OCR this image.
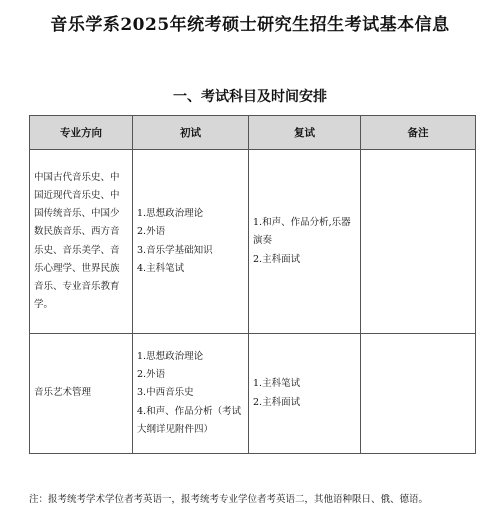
音乐学系2025年统考硕士研究生招生考试基本信息
一、考试科目及时间安排
专业方向	初试	复试	备注
中国古代音乐史、中国近现代音乐史、中国传统音乐、中国少数民族音乐、西方音乐史、音乐美学、音乐心理学、世界民族音乐、专业音乐教育学。	1.思想政治理论
2.外语
3.音乐学基础知识
4.主科笔试	1.和声、作品分析,乐器演奏
2.主科面试	

音乐艺术管理	1.思想政治理论
2.外语
3.中西音乐史
4.和声、作品分析（考试大纲详见附件四）	1.主科笔试
2.主科面试	

注：报考统考学术学位者考英语一，报考统考专业学位者考英语二，其他语种限日、俄、德语。
